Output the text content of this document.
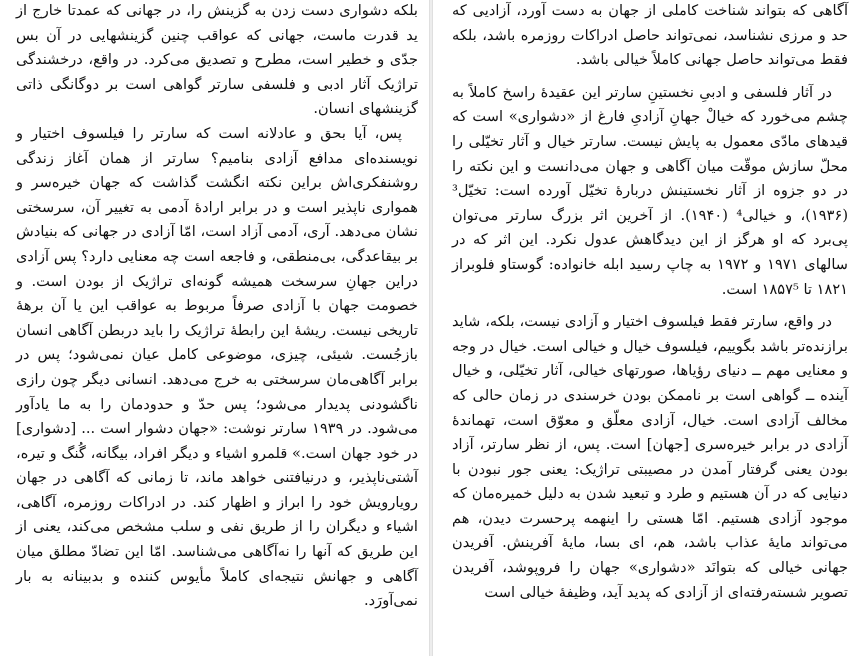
بلکه دشواری دست زدن به گزینش را، در جهانی که عمدتا خارج از ید قدرت ماست، جهانی که عواقب چنین گزینشهایی در آن بس جدّی و خطیر است، مطرح و تصدیق می‌کرد. در واقع، درخشندگی تراژیک آثار ادبی و فلسفی سارتر گواهی است بر دوگانگی ذاتی گزینشهای انسان.

پس، آیا بحق و عادلانه است که سارتر را فیلسوف اختیار و نویسنده‌ای مدافع آزادی بنامیم؟ سارتر از همان آغاز زندگی روشنفکری‌اش براین نکته انگشت گذاشت که جهان خیره‌سر و همواری ناپذیر است و در برابر ارادهٔ آدمی به تغییر آن، سرسختی نشان می‌دهد. آری، آدمی آزاد است، امّا آزادی در جهانی که بنیادش بر بیقاعدگی، بی‌منطقی، و فاجعه است چه معنایی دارد؟ پس آزادی دراین جهانِ سرسخت همیشه گونه‌ای تراژیک از بودن است. و خصومت جهان با آزادی صرفاً مربوط به عواقب این یا آن برهۀ تاریخی نیست. ریشهٔ این رابطهٔ تراژیک را باید دربطن آگاهی انسان بازجُست. شیئی، چیزی، موضوعی کامل عیان نمی‌شود؛ پس در برابر آگاهی‌مان سرسختی به خرج می‌دهد. انسانی دیگر چون رازی ناگشودنی پدیدار می‌شود؛ پس حدّ و حدودمان را به ما یادآور می‌شود. در ۱۹۳۹ سارتر نوشت: «جهان دشوار است ... [دشواری] در خود جهان است.» قلمرو اشیاء و دیگر افراد، بیگانه، گُنگ و تیره، آشتی‌ناپذیر، و درنیافتنی خواهد ماند، تا زمانی که آگاهی در جهان رویارویش خود را ابراز و اظهار کند. در ادراکات روزمره، آگاهی، اشیاء و دیگران را از طریق نفی و سلب مشخص می‌کند، یعنی از این طریق که آنها را نه‌آگاهی می‌شناسد. امّا این تضادّ مطلق میان آگاهی و جهانش نتیجه‌ای کاملاً مأیوس کننده و بدبینانه به بار نمی‌آورَد.

آگاهی که بتواند شناخت کاملی از جهان به دست آورد، آزادیی که حد و مرزی نشناسد، نمی‌تواند حاصل ادراکات روزمره باشد، بلکه فقط می‌تواند حاصل جهانی کاملاً خیالی باشد.

در آثار فلسفی و ادبیِ نخستینِ سارتر این عقیدهٔ راسخ کاملاً به چشم می‌خورد که خیالْ جهانِ آزادیِ فارغ از «دشواری» است که قیدهای مادّی معمول به پایش نیست. سارتر خیال و آثار تخیّلی را محلّ سازش موقّت میان آگاهی و جهان می‌دانست و این نکته را در دو جزوه از آثار نخستینش دربارهٔ تخیّل آورده است: تخیّل³ (۱۹۳۶)، و خیالی⁴ (۱۹۴۰). از آخرین اثر بزرگ سارتر می‌توان پی‌برد که او هرگز از این دیدگاهش عدول نکرد. این اثر که در سالهای ۱۹۷۱ و ۱۹۷۲ به چاپ رسید ابله خانواده: گوستاو فلوبراز ۱۸۲۱ تا ۱۸۵۷⁵ است.

در واقع، سارتر فقط فیلسوف اختیار و آزادی نیست، بلکه، شاید برازنده‌تر باشد بگوییم، فیلسوف خیال و خیالی است. خیال در وجه و معنایی مهم ــ دنیای رؤیاها، صورتهای خیالی، آثار تخیّلی، و خیال آینده ــ گواهی است بر ناممکن بودن خرسندی در زمان حالی که مخالف آزادی است. خیال، آزادی معلّق و معوّق است، تهماندهٔ آزادی در برابر خیره‌سری [جهان] است. پس، از نظر سارتر، آزاد بودن یعنی گرفتار آمدن در مصیبتی تراژیک: یعنی جور نبودن با دنیایی که در آن هستیم و طرد و تبعید شدن به دلیل خمیره‌مان که موجود آزادی هستیم. امّا هستی را اینهمه پرحسرت دیدن، هم می‌تواند مایهٔ عذاب باشد، هم، ای بسا، مایهٔ آفرینش. آفریدن جهانی خیالی که بتوانَد «دشواری» جهان را فروپوشد، آفریدن تصویر شسته‌رفته‌ای از آزادی که پدید آید، وظیفهٔ خیالی است
